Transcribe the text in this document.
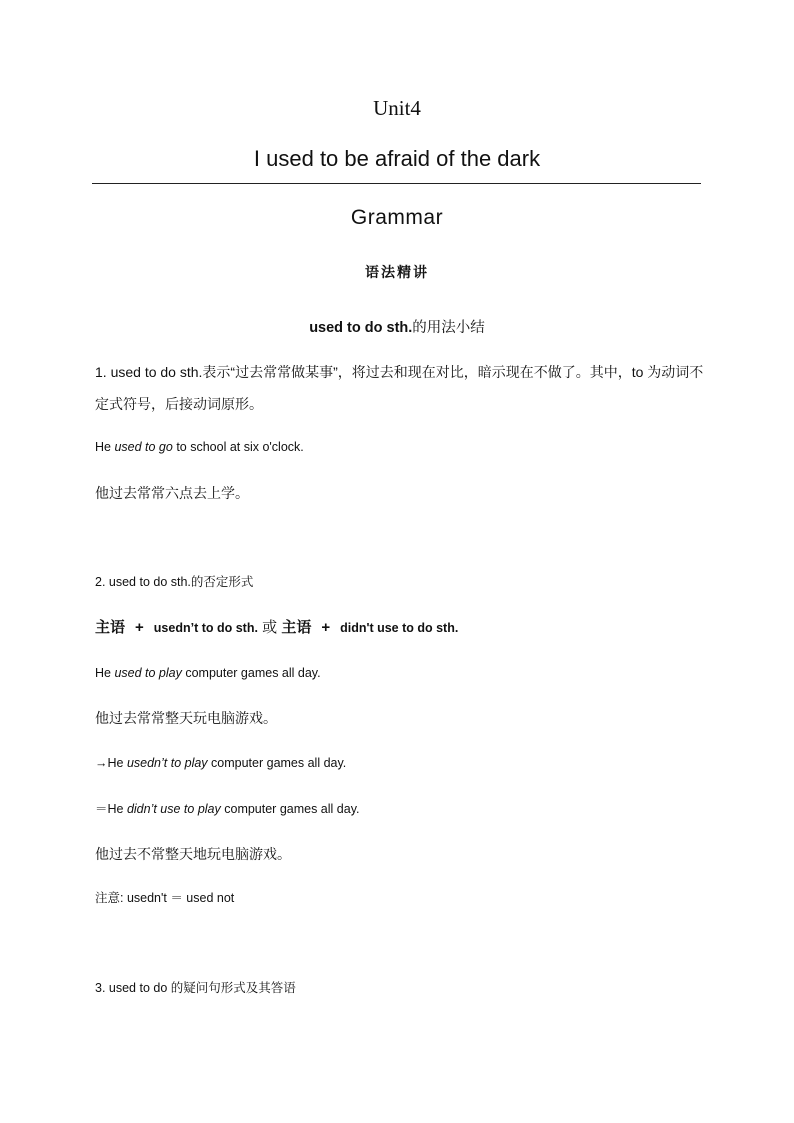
Unit4
I used to be afraid of the dark
Grammar
语法精讲
used to do sth.的用法小结
1. used to do sth.表示“过去常常做某事”，将过去和现在对比，暗示现在不做了。其中，to 为动词不定式符号，后接动词原形。
He used to go to school at six o'clock.
他过去常常六点去上学。
2. used to do sth.的否定形式
主语 + usedn’t to do sth. 或 主语 + didn't use to do sth.
He used to play computer games all day.
他过去常常整天玩电脑游戏。
→He usedn’t to play computer games all day.
＝He didn’t use to play computer games all day.
他过去不常整天地玩电脑游戏。
注意: usedn't ＝ used not
3. used to do 的疑问句形式及其答语
